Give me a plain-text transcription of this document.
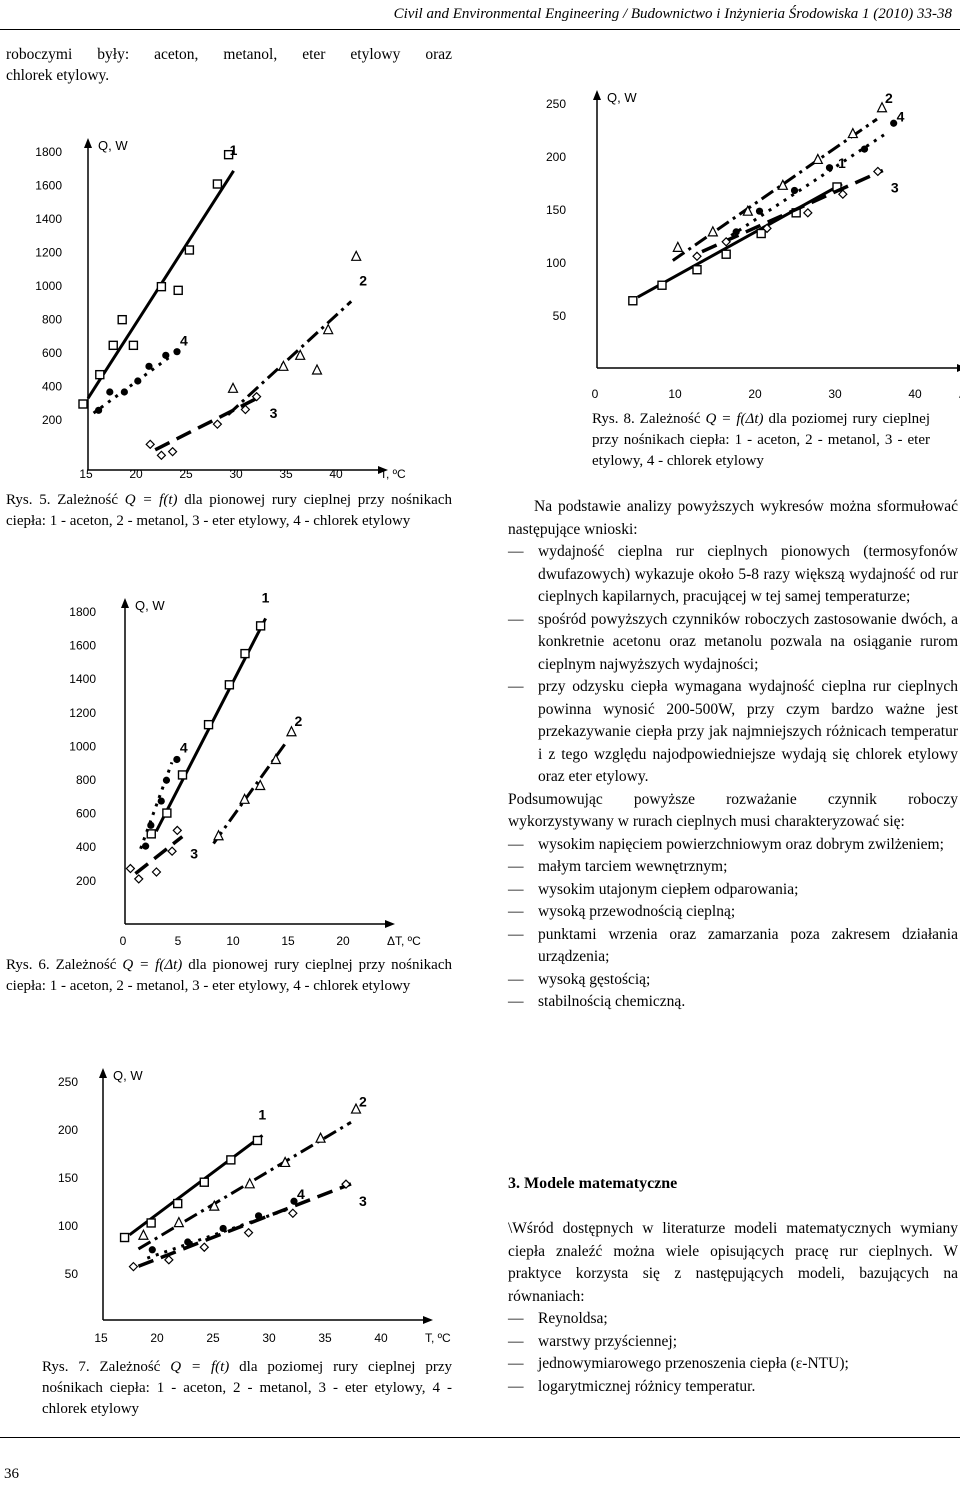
Civil and Environmental Engineering / Budownictwo i Inżynieria Środowiska 1 (2010) 33-38
roboczymi były: aceton, metanol, eter etylowy oraz
chlorek etylowy.
Q, W
1800
1600
1400
1200
1000
800
600
400
200
15	20	25	30	35	40	T, ºC
1
2
3
4
Rys. 5. Zależność Q = f(t) dla pionowej rury cieplnej przy nośnikach ciepła: 1 - aceton, 2 - metanol, 3 - eter etylowy, 4 - chlorek etylowy
Q, W
1800
1600
1400
1200
1000
800
600
400
200
0	5	10	15	20	ΔT, ºC
1
2
3
4
Rys. 6. Zależność Q = f(Δt) dla pionowej rury cieplnej przy nośnikach ciepła: 1 - aceton, 2 - metanol, 3 - eter etylowy, 4 - chlorek etylowy
Q, W
250
200
150
100
50
15	20	25	30	35	40	T, ºC
1
2
3
4
Rys. 7. Zależność Q = f(t) dla poziomej rury cieplnej przy nośnikach ciepła: 1 - aceton, 2 - metanol, 3 - eter etylowy, 4 - chlorek etylowy
Q, W
250
200
150
100
50
0	10	20	30	40
1
2
3
4
Rys. 8. Zależność Q = f(Δt) dla poziomej rury cieplnej przy nośnikach ciepła: 1 - aceton, 2 - metanol, 3 - eter etylowy, 4 - chlorek etylowy
Na podstawie analizy powyższych wykresów można sformułować następujące wnioski:
— wydajność cieplna rur cieplnych pionowych (termosyfonów dwufazowych) wykazuje około 5-8 razy większą wydajność od rur cieplnych kapilarnych, pracującej w tej samej temperaturze;
— spośród powyższych czynników roboczych zastosowanie dwóch, a konkretnie acetonu oraz metanolu pozwala na osiąganie rurom cieplnym najwyższych wydajności;
— przy odzysku ciepła wymagana wydajność cieplna rur cieplnych powinna wynosić 200-500W, przy czym bardzo ważne jest przekazywanie ciepła przy jak najmniejszych różnicach temperatur i z tego względu najodpowiedniejsze wydają się chlorek etylowy oraz eter etylowy.
Podsumowując powyższe rozważanie czynnik roboczy wykorzystywany w rurach cieplnych musi charakteryzować się:
— wysokim napięciem powierzchniowym oraz dobrym zwilżeniem;
— małym tarciem wewnętrznym;
— wysokim utajonym ciepłem odparowania;
— wysoką przewodnością cieplną;
— punktami wrzenia oraz zamarzania poza zakresem działania urządzenia;
— wysoką gęstością;
— stabilnością chemiczną.
3. Modele matematyczne
\Wśród dostępnych w literaturze modeli matematycznych wymiany ciepła znaleźć można wiele opisujących pracę rur cieplnych. W praktyce korzysta się z następujących modeli, bazujących na równaniach:
— Reynoldsa;
— warstwy przyściennej;
— jednowymiarowego przenoszenia ciepła (ε-NTU);
— logarytmicznej różnicy temperatur.
36
